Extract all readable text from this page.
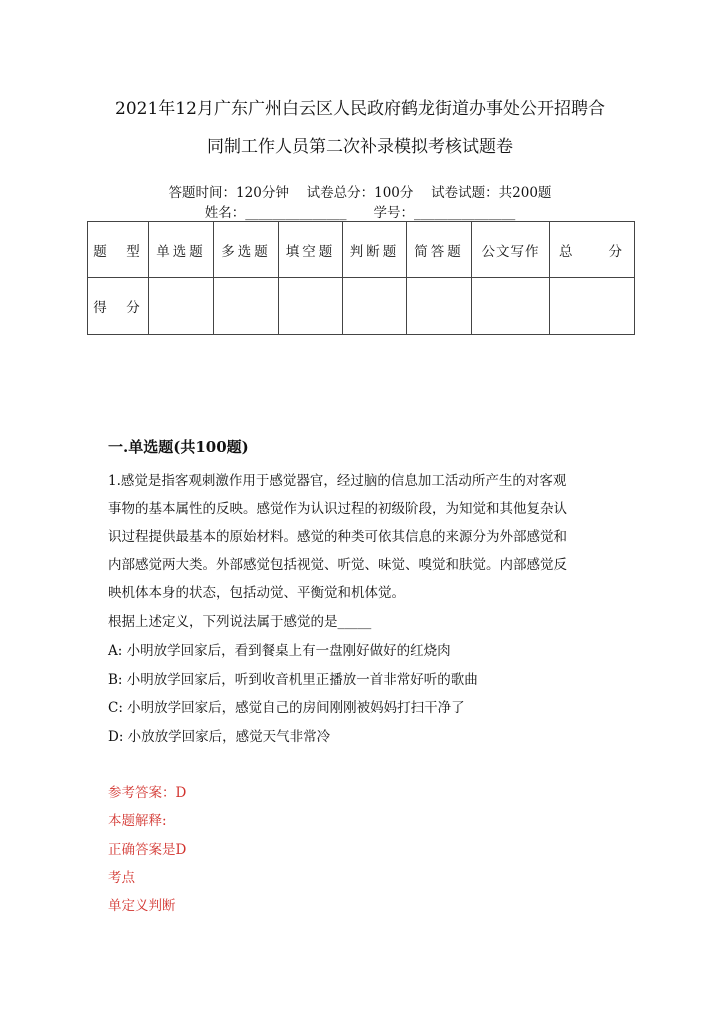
2021年12月广东广州白云区人民政府鹤龙街道办事处公开招聘合
同制工作人员第二次补录模拟考核试题卷
答题时间：120分钟　 试卷总分：100分　 试卷试题：共200题
姓名：_______________　　学号：_______________
题　型	单选题	多选题	填空题	判断题	简答题	公文写作	总　　分
得　分							
一.单选题(共100题)
1.感觉是指客观刺激作用于感觉器官，经过脑的信息加工活动所产生的对客观
事物的基本属性的反映。感觉作为认识过程的初级阶段，为知觉和其他复杂认
识过程提供最基本的原始材料。感觉的种类可依其信息的来源分为外部感觉和
内部感觉两大类。外部感觉包括视觉、听觉、味觉、嗅觉和肤觉。内部感觉反
映机体本身的状态，包括动觉、平衡觉和机体觉。
根据上述定义，下列说法属于感觉的是_____
A: 小明放学回家后，看到餐桌上有一盘刚好做好的红烧肉
B: 小明放学回家后，听到收音机里正播放一首非常好听的歌曲
C: 小明放学回家后，感觉自己的房间刚刚被妈妈打扫干净了
D: 小放放学回家后，感觉天气非常冷
参考答案：D
本题解释:
正确答案是D
考点
单定义判断
